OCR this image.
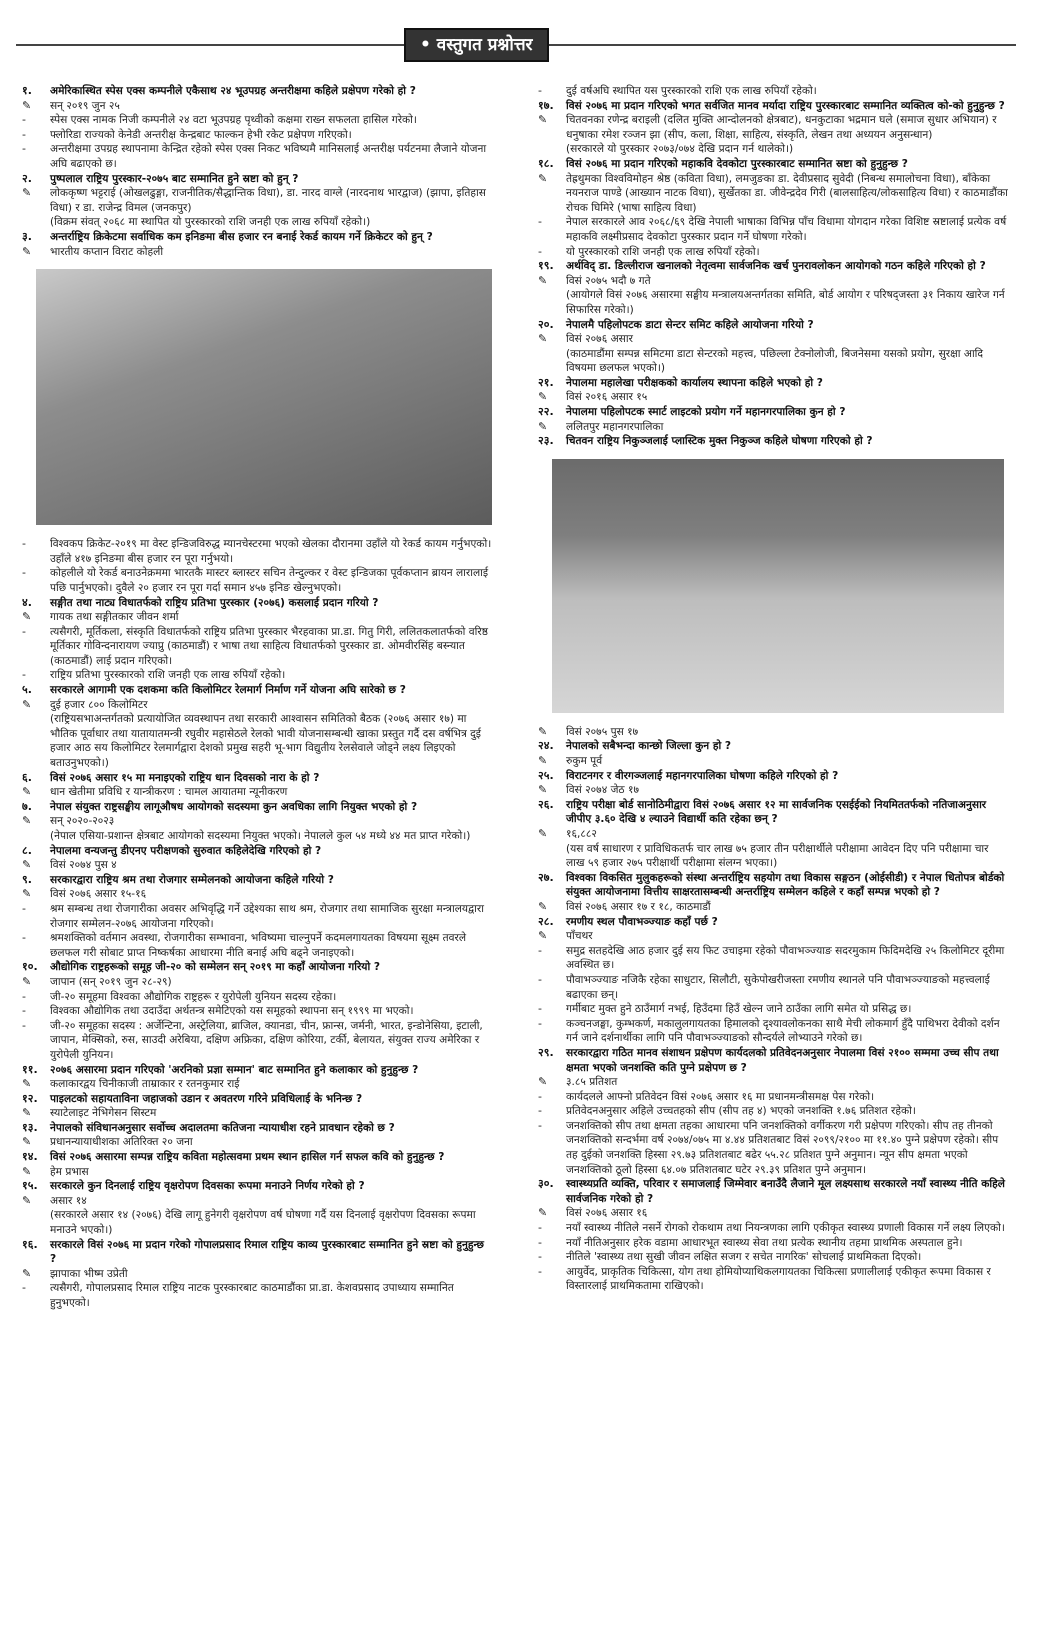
• वस्तुगत प्रश्नोत्तर
१.	अमेरिकास्थित स्पेस एक्स कम्पनीले एकैसाथ २४ भूउपग्रह अन्तरीक्षमा कहिले प्रक्षेपण गरेको हो ?
✎	सन् २०१९ जुन २५
-	स्पेस एक्स नामक निजी कम्पनीले २४ वटा भूउपग्रह पृथ्वीको कक्षमा राख्न सफलता हासिल गरेको।
-	फ्लोरिडा राज्यको केनेडी अन्तरीक्ष केन्द्रबाट फाल्कन हेभी रकेट प्रक्षेपण गरिएको।
-	अन्तरीक्षमा उपग्रह स्थापनामा केन्द्रित रहेको स्पेस एक्स निकट भविष्यमै मानिसलाई अन्तरीक्ष पर्यटनमा लैजाने योजना अघि बढाएको छ।
२.	पुष्पलाल राष्ट्रिय पुरस्कार-२०७५ बाट सम्मानित हुने स्रष्टा को हुन् ?
✎	लोककृष्ण भट्टराई (ओखलढुङ्गा, राजनीतिक/सैद्धान्तिक विधा), डा. नारद वाग्ले (नारदनाथ भारद्वाज) (झापा, इतिहास विधा) र डा. राजेन्द्र विमल (जनकपुर)
(विक्रम संवत् २०६८ मा स्थापित यो पुरस्कारको राशि जनही एक लाख रुपियाँ रहेको।)
३.	अन्तर्राष्ट्रिय क्रिकेटमा सर्वाधिक कम इनिङमा बीस हजार रन बनाई रेकर्ड कायम गर्ने क्रिकेटर को हुन् ?
✎	भारतीय कप्तान विराट कोहली
-	विश्वकप क्रिकेट-२०१९ मा वेस्ट इन्डिजविरुद्ध म्यानचेस्टरमा भएको खेलका दौरानमा उहाँले यो रेकर्ड कायम गर्नुभएको। उहाँले ४१७ इनिङमा बीस हजार रन पूरा गर्नुभयो।
-	कोहलीले यो रेकर्ड बनाउनेक्रममा भारतकै मास्टर ब्लास्टर सचिन तेन्दुल्कर र वेस्ट इन्डिजका पूर्वकप्तान ब्रायन लारालाई पछि पार्नुभएको। दुवैले २० हजार रन पूरा गर्दा समान ४५७ इनिङ खेल्नुभएको।
४.	सङ्गीत तथा नाट्य विधातर्फको राष्ट्रिय प्रतिभा पुरस्कार (२०७६) कसलाई प्रदान गरियो ?
✎	गायक तथा सङ्गीतकार जीवन शर्मा
-	त्यसैगरी, मूर्तिकला, संस्कृति विधातर्फको राष्ट्रिय प्रतिभा पुरस्कार भैरहवाका प्रा.डा. गितु गिरी, ललितकलातर्फको वरिष्ठ मूर्तिकार गोविन्दनारायण ज्याप्रु (काठमाडौं) र भाषा तथा साहित्य विधातर्फको पुरस्कार डा. ओमवीरसिंह बस्न्यात (काठमाडौं) लाई प्रदान गरिएको।
-	राष्ट्रिय प्रतिभा पुरस्कारको राशि जनही एक लाख रुपियाँ रहेको।
५.	सरकारले आगामी एक दशकमा कति किलोमिटर रेलमार्ग निर्माण गर्ने योजना अघि सारेको छ ?
✎	दुई हजार ८०० किलोमिटर
(राष्ट्रियसभाअन्तर्गतको प्रत्यायोजित व्यवस्थापन तथा सरकारी आश्वासन समितिको बैठक (२०७६ असार १७) मा भौतिक पूर्वाधार तथा यातायातमन्त्री रघुवीर महासेठले रेलको भावी योजनासम्बन्धी खाका प्रस्तुत गर्दै दस वर्षभित्र दुई हजार आठ सय किलोमिटर रेलमार्गद्वारा देशको प्रमुख सहरी भू-भाग विद्युतीय रेलसेवाले जोड्ने लक्ष्य लिइएको बताउनुभएको।)
६.	विसं २०७६ असार १५ मा मनाइएको राष्ट्रिय धान दिवसको नारा के हो ?
✎	धान खेतीमा प्रविधि र यान्त्रीकरण : चामल आयातमा न्यूनीकरण
७.	नेपाल संयुक्त राष्ट्रसङ्घीय लागूऔषध आयोगको सदस्यमा कुन अवधिका लागि नियुक्त भएको हो ?
✎	सन् २०२०-२०२३
(नेपाल एसिया-प्रशान्त क्षेत्रबाट आयोगको सदस्यमा नियुक्त भएको। नेपालले कुल ५४ मध्ये ४४ मत प्राप्त गरेको।)
८.	नेपालमा वन्यजन्तु डीएनए परीक्षणको सुरुवात कहिलेदेखि गरिएको हो ?
✎	विसं २०७४ पुस ४
९.	सरकारद्वारा राष्ट्रिय श्रम तथा रोजगार सम्मेलनको आयोजना कहिले गरियो ?
✎	विसं २०७६ असार १५-१६
-	श्रम सम्बन्ध तथा रोजगारीका अवसर अभिवृद्धि गर्ने उद्देश्यका साथ श्रम, रोजगार तथा सामाजिक सुरक्षा मन्त्रालयद्वारा रोजगार सम्मेलन-२०७६ आयोजना गरिएको।
-	श्रमशक्तिको वर्तमान अवस्था, रोजगारीका सम्भावना, भविष्यमा चाल्नुपर्ने कदमलगायतका विषयमा सूक्ष्म तवरले छलफल गरी सोबाट प्राप्त निष्कर्षका आधारमा नीति बनाई अघि बढ्ने जनाइएको।
१०.	औद्योगिक राष्ट्रहरूको समूह जी-२० को सम्मेलन सन् २०१९ मा कहाँ आयोजना गरियो ?
✎	जापान (सन् २०१९ जुन २८-२९)
-	जी-२० समूहमा विश्वका औद्योगिक राष्ट्रहरू र युरोपेली युनियन सदस्य रहेका।
-	विश्वका औद्योगिक तथा उदाउँदा अर्थतन्त्र समेटिएको यस समूहको स्थापना सन् १९९९ मा भएको।
-	जी-२० समूहका सदस्य : अर्जेन्टिना, अस्ट्रेलिया, ब्राजिल, क्यानडा, चीन, फ्रान्स, जर्मनी, भारत, इन्डोनेसिया, इटाली, जापान, मेक्सिको, रुस, साउदी अरेबिया, दक्षिण अफ्रिका, दक्षिण कोरिया, टर्की, बेलायत, संयुक्त राज्य अमेरिका र युरोपेली युनियन।
११.	२०७६ असारमा प्रदान गरिएको 'अरनिको प्रज्ञा सम्मान' बाट सम्मानित हुने कलाकार को हुनुहुन्छ ?
✎	कलाकारद्वय चिनीकाजी ताम्राकार र रतनकुमार राई
१२.	पाइलटको सहायताविना जहाजको उडान र अवतरण गरिने प्रविधिलाई के भनिन्छ ?
✎	स्याटेलाइट नेभिगेसन सिस्टम
१३.	नेपालको संविधानअनुसार सर्वोच्च अदालतमा कतिजना न्यायाधीश रहने प्रावधान रहेको छ ?
✎	प्रधानन्यायाधीशका अतिरिक्त २० जना
१४.	विसं २०७६ असारमा सम्पन्न राष्ट्रिय कविता महोत्सवमा प्रथम स्थान हासिल गर्न सफल कवि को हुनुहुन्छ ?
✎	हेम प्रभास
१५.	सरकारले कुन दिनलाई राष्ट्रिय वृक्षरोपण दिवसका रूपमा मनाउने निर्णय गरेको हो ?
✎	असार १४
(सरकारले असार १४ (२०७६) देखि लागू हुनेगरी वृक्षरोपण वर्ष घोषणा गर्दै यस दिनलाई वृक्षरोपण दिवसका रूपमा मनाउने भएको।)
१६.	सरकारले विसं २०७६ मा प्रदान गरेको गोपालप्रसाद रिमाल राष्ट्रिय काव्य पुरस्कारबाट सम्मानित हुने स्रष्टा को हुनुहुन्छ ?
✎	झापाका भीष्म उप्रेती
-	त्यसैगरी, गोपालप्रसाद रिमाल राष्ट्रिय नाटक पुरस्कारबाट काठमाडौंका प्रा.डा. केशवप्रसाद उपाध्याय सम्मानित हुनुभएको।
-	दुई वर्षअघि स्थापित यस पुरस्कारको राशि एक लाख रुपियाँ रहेको।
१७.	विसं २०७६ मा प्रदान गरिएको भगत सर्वजित मानव मर्यादा राष्ट्रिय पुरस्कारबाट सम्मानित व्यक्तित्व को-को हुनुहुन्छ ?
✎	चितवनका रणेन्द्र बराइली (दलित मुक्ति आन्दोलनको क्षेत्रबाट), धनकुटाका भद्रमान घले (समाज सुधार अभियान) र धनुषाका रमेश रञ्जन झा (सीप, कला, शिक्षा, साहित्य, संस्कृति, लेखन तथा अध्ययन अनुसन्धान)
(सरकारले यो पुरस्कार २०७३/०७४ देखि प्रदान गर्न थालेको।)
१८.	विसं २०७६ मा प्रदान गरिएको महाकवि देवकोटा पुरस्कारबाट सम्मानित स्रष्टा को हुनुहुन्छ ?
✎	तेह्रथुमका विश्वविमोहन श्रेष्ठ (कविता विधा), लमजुङका डा. देवीप्रसाद सुवेदी (निबन्ध समालोचना विधा), बाँकेका नयनराज पाण्डे (आख्यान नाटक विधा), सुर्खेतका डा. जीवेन्द्रदेव गिरी (बालसाहित्य/लोकसाहित्य विधा) र काठमाडौंका रोचक घिमिरे (भाषा साहित्य विधा)
-	नेपाल सरकारले आव २०६८/६९ देखि नेपाली भाषाका विभिन्न पाँच विधामा योगदान गरेका विशिष्ट स्रष्टालाई प्रत्येक वर्ष महाकवि लक्ष्मीप्रसाद देवकोटा पुरस्कार प्रदान गर्ने घोषणा गरेको।
-	यो पुरस्कारको राशि जनही एक लाख रुपियाँ रहेको।
१९.	अर्थविद् डा. डिल्लीराज खनालको नेतृत्वमा सार्वजनिक खर्च पुनरावलोकन आयोगको गठन कहिले गरिएको हो ?
✎	विसं २०७५ भदौ ७ गते
(आयोगले विसं २०७६ असारमा सङ्घीय मन्त्रालयअन्तर्गतका समिति, बोर्ड आयोग र परिषद्जस्ता ३१ निकाय खारेज गर्न सिफारिस गरेको।)
२०.	नेपालमै पहिलोपटक डाटा सेन्टर समिट कहिले आयोजना गरियो ?
✎	विसं २०७६ असार
(काठमाडौंमा सम्पन्न समिटमा डाटा सेन्टरको महत्त्व, पछिल्ला टेक्नोलोजी, बिजनेसमा यसको प्रयोग, सुरक्षा आदि विषयमा छलफल भएको।)
२१.	नेपालमा महालेखा परीक्षकको कार्यालय स्थापना कहिले भएको हो ?
✎	विसं २०१६ असार १५
२२.	नेपालमा पहिलोपटक स्मार्ट लाइटको प्रयोग गर्ने महानगरपालिका कुन हो ?
✎	ललितपुर महानगरपालिका
२३.	चितवन राष्ट्रिय निकुञ्जलाई प्लास्टिक मुक्त निकुञ्ज कहिले घोषणा गरिएको हो ?
✎	विसं २०७५ पुस १७
२४.	नेपालको सबैभन्दा कान्छो जिल्ला कुन हो ?
✎	रुकुम पूर्व
२५.	विराटनगर र वीरगञ्जलाई महानगरपालिका घोषणा कहिले गरिएको हो ?
✎	विसं २०७४ जेठ १७
२६.	राष्ट्रिय परीक्षा बोर्ड सानोठिमीद्वारा विसं २०७६ असार १२ मा सार्वजनिक एसईईको नियमिततर्फको नतिजाअनुसार जीपीए ३.६० देखि ४ ल्याउने विद्यार्थी कति रहेका छन् ?
✎	१६,८८२
(यस वर्ष साधारण र प्राविधिकतर्फ चार लाख ७५ हजार तीन परीक्षार्थीले परीक्षामा आवेदन दिए पनि परीक्षामा चार लाख ५९ हजार २७५ परीक्षार्थी परीक्षामा संलग्न भएका।)
२७.	विश्वका विकसित मुलुकहरूको संस्था अन्तर्राष्ट्रिय सहयोग तथा विकास सङ्गठन (ओईसीडी) र नेपाल धितोपत्र बोर्डको संयुक्त आयोजनामा वित्तीय साक्षरतासम्बन्धी अन्तर्राष्ट्रिय सम्मेलन कहिले र कहाँ सम्पन्न भएको हो ?
✎	विसं २०७६ असार १७ र १८, काठमाडौं
२८.	रमणीय स्थल पौवाभञ्ज्याङ कहाँ पर्छ ?
✎	पाँचथर
-	समुद्र सतहदेखि आठ हजार दुई सय फिट उचाइमा रहेको पौवाभञ्ज्याङ सदरमुकाम फिदिमदेखि २५ किलोमिटर दूरीमा अवस्थित छ।
-	पौवाभञ्ज्याङ नजिकै रहेका साधुटार, सिलौटी, सुकेपोखरीजस्ता रमणीय स्थानले पनि पौवाभञ्ज्याङको महत्त्वलाई बढाएका छन्।
-	गर्मीबाट मुक्त हुने ठाउँमार्ग नभई, हिउँदमा हिउँ खेल्न जाने ठाउँका लागि समेत यो प्रसिद्ध छ।
-	कञ्चनजङ्घा, कुम्भकर्ण, मकालुलगायतका हिमालको दृश्यावलोकनका साथै मेची लोकमार्ग हुँदै पाथिभरा देवीको दर्शन गर्न जाने दर्शनार्थीका लागि पनि पौवाभञ्ज्याङको सौन्दर्यले लोभ्याउने गरेको छ।
२९.	सरकारद्वारा गठित मानव संशाधन प्रक्षेपण कार्यदलको प्रतिवेदनअनुसार नेपालमा विसं २१०० सम्ममा उच्च सीप तथा क्षमता भएको जनशक्ति कति पुग्ने प्रक्षेपण छ ?
✎	३.८५ प्रतिशत
-	कार्यदलले आफ्नो प्रतिवेदन विसं २०७६ असार १६ मा प्रधानमन्त्रीसमक्ष पेस गरेको।
-	प्रतिवेदनअनुसार अहिले उच्चतहको सीप (सीप तह ४) भएको जनशक्ति १.७६ प्रतिशत रहेको।
-	जनशक्तिको सीप तथा क्षमता तहका आधारमा पनि जनशक्तिको वर्गीकरण गरी प्रक्षेपण गरिएको। सीप तह तीनको जनशक्तिको सन्दर्भमा वर्ष २०७४/०७५ मा ४.४४ प्रतिशतबाट विसं २०९९/२१०० मा ११.४० पुग्ने प्रक्षेपण रहेको। सीप तह दुईको जनशक्ति हिस्सा २९.७३ प्रतिशतबाट बढेर ५५.२८ प्रतिशत पुग्ने अनुमान। न्यून सीप क्षमता भएको जनशक्तिको ठूलो हिस्सा ६४.०७ प्रतिशतबाट घटेर २९.३९ प्रतिशत पुग्ने अनुमान।
३०.	स्वास्थ्यप्रति व्यक्ति, परिवार र समाजलाई जिम्मेवार बनाउँदै लैजाने मूल लक्ष्यसाथ सरकारले नयाँ स्वास्थ्य नीति कहिले सार्वजनिक गरेको हो ?
✎	विसं २०७६ असार १६
-	नयाँ स्वास्थ्य नीतिले नसर्ने रोगको रोकथाम तथा नियन्त्रणका लागि एकीकृत स्वास्थ्य प्रणाली विकास गर्ने लक्ष्य लिएको।
-	नयाँ नीतिअनुसार हरेक वडामा आधारभूत स्वास्थ्य सेवा तथा प्रत्येक स्थानीय तहमा प्राथमिक अस्पताल हुने।
-	नीतिले 'स्वास्थ्य तथा सुखी जीवन लक्षित सजग र सचेत नागरिक' सोचलाई प्राथमिकता दिएको।
-	आयुर्वेद, प्राकृतिक चिकित्सा, योग तथा होमियोप्याथिकलगायतका चिकित्सा प्रणालीलाई एकीकृत रूपमा विकास र विस्तारलाई प्राथमिकतामा राखिएको।
